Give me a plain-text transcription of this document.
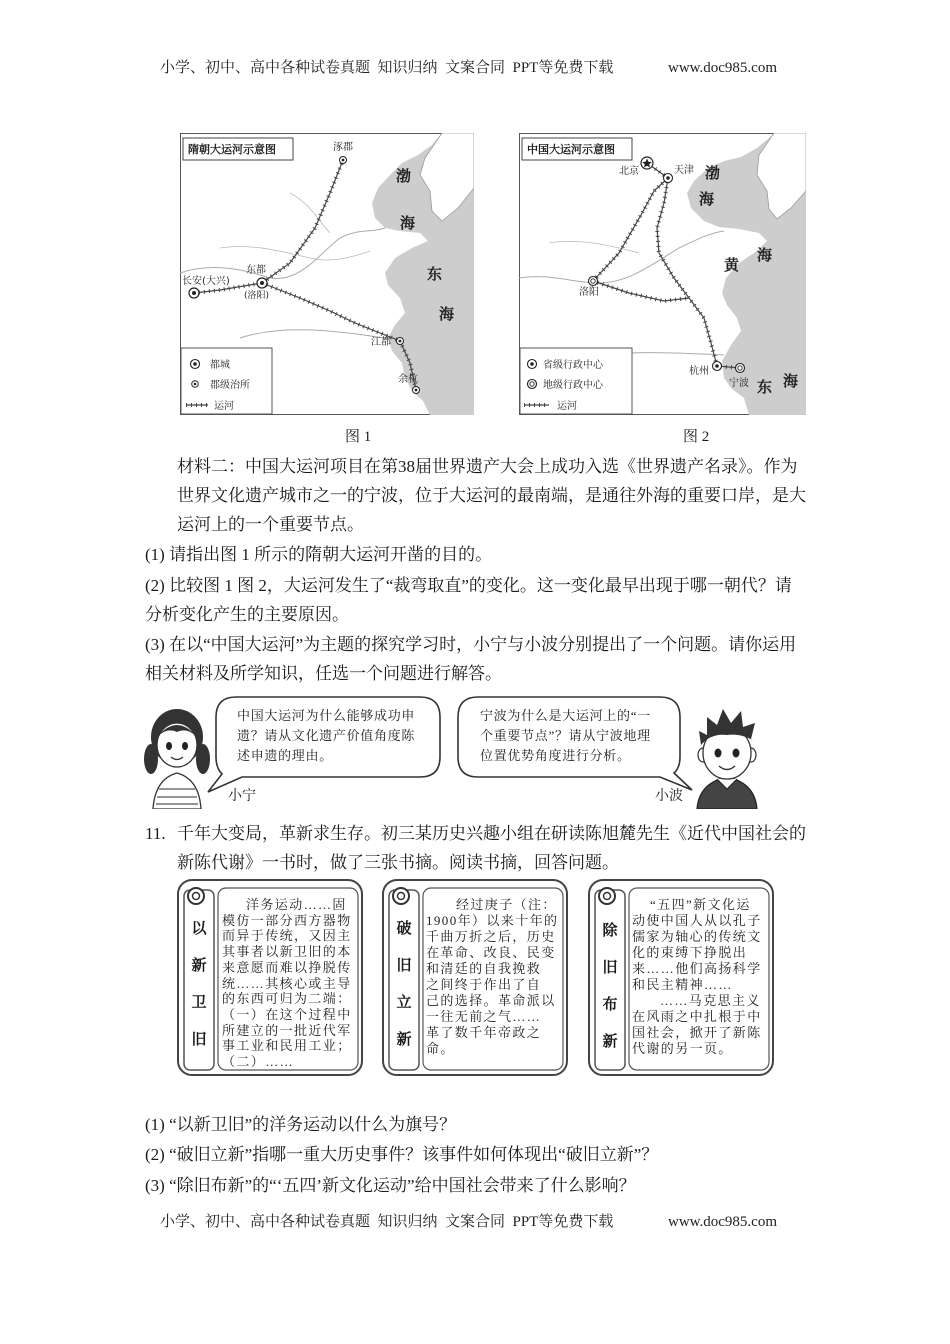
小学、初中、高中各种试卷真题  知识归纳  文案合同  PPT等免费下载	www.doc985.com
涿郡
长安(大兴)
东都
(洛阳)
江都
余杭
渤
海
东
海
隋朝大运河示意图
都城
郡级治所
运河
图 1
北京	天津
洛阳
杭州
宁波
渤
海
黄
海
东 海
中国大运河示意图
省级行政中心
地级行政中心
运河
图 2
材料二：中国大运河项目在第38届世界遗产大会上成功入选《世界遗产名录》。作为
世界文化遗产城市之一的宁波，位于大运河的最南端，是通往外海的重要口岸，是大
运河上的一个重要节点。
(1) 请指出图 1 所示的隋朝大运河开凿的目的。
(2) 比较图 1 图 2，大运河发生了“裁弯取直”的变化。这一变化最早出现于哪一朝代？请
分析变化产生的主要原因。
(3) 在以“中国大运河”为主题的探究学习时，小宁与小波分别提出了一个问题。请你运用
相关材料及所学知识，任选一个问题进行解答。
中国大运河为什么能够成功申
遗？请从文化遗产价值角度陈
述申遗的理由。
宁波为什么是大运河上的“一
个重要节点”？请从宁波地理
位置优势角度进行分析。
小宁	小波
11. 千年大变局，革新求生存。初三某历史兴趣小组在研读陈旭麓先生《近代中国社会的
新陈代谢》一书时，做了三张书摘。阅读书摘，回答问题。
以新卫旧
洋务运动……固
模仿一部分西方器物
而异于传统，又因主
其事者以新卫旧的本
来意愿而难以挣脱传
统……其核心或主导
的东西可归为二端：
（一）在这个过程中
所建立的一批近代军
事工业和民用工业；
（二）……
破旧立新
经过庚子（注：
1900年）以来十年的
千曲万折之后，历史
在革命、改良、民变
和清廷的自我挽救
之间终于作出了自
己的选择。革命派以
一往无前之气……
革了数千年帝政之
命。
除旧布新
“五四”新文化运
动使中国人从以孔子
儒家为轴心的传统文
化的束缚下挣脱出
来……他们高扬科学
和民主精神……
……马克思主义
在风雨之中扎根于中
国社会，掀开了新陈
代谢的另一页。
(1) “以新卫旧”的洋务运动以什么为旗号？
(2) “破旧立新”指哪一重大历史事件？该事件如何体现出“破旧立新”？
(3) “除旧布新”的“‘五四’新文化运动”给中国社会带来了什么影响？
小学、初中、高中各种试卷真题  知识归纳  文案合同  PPT等免费下载	www.doc985.com
